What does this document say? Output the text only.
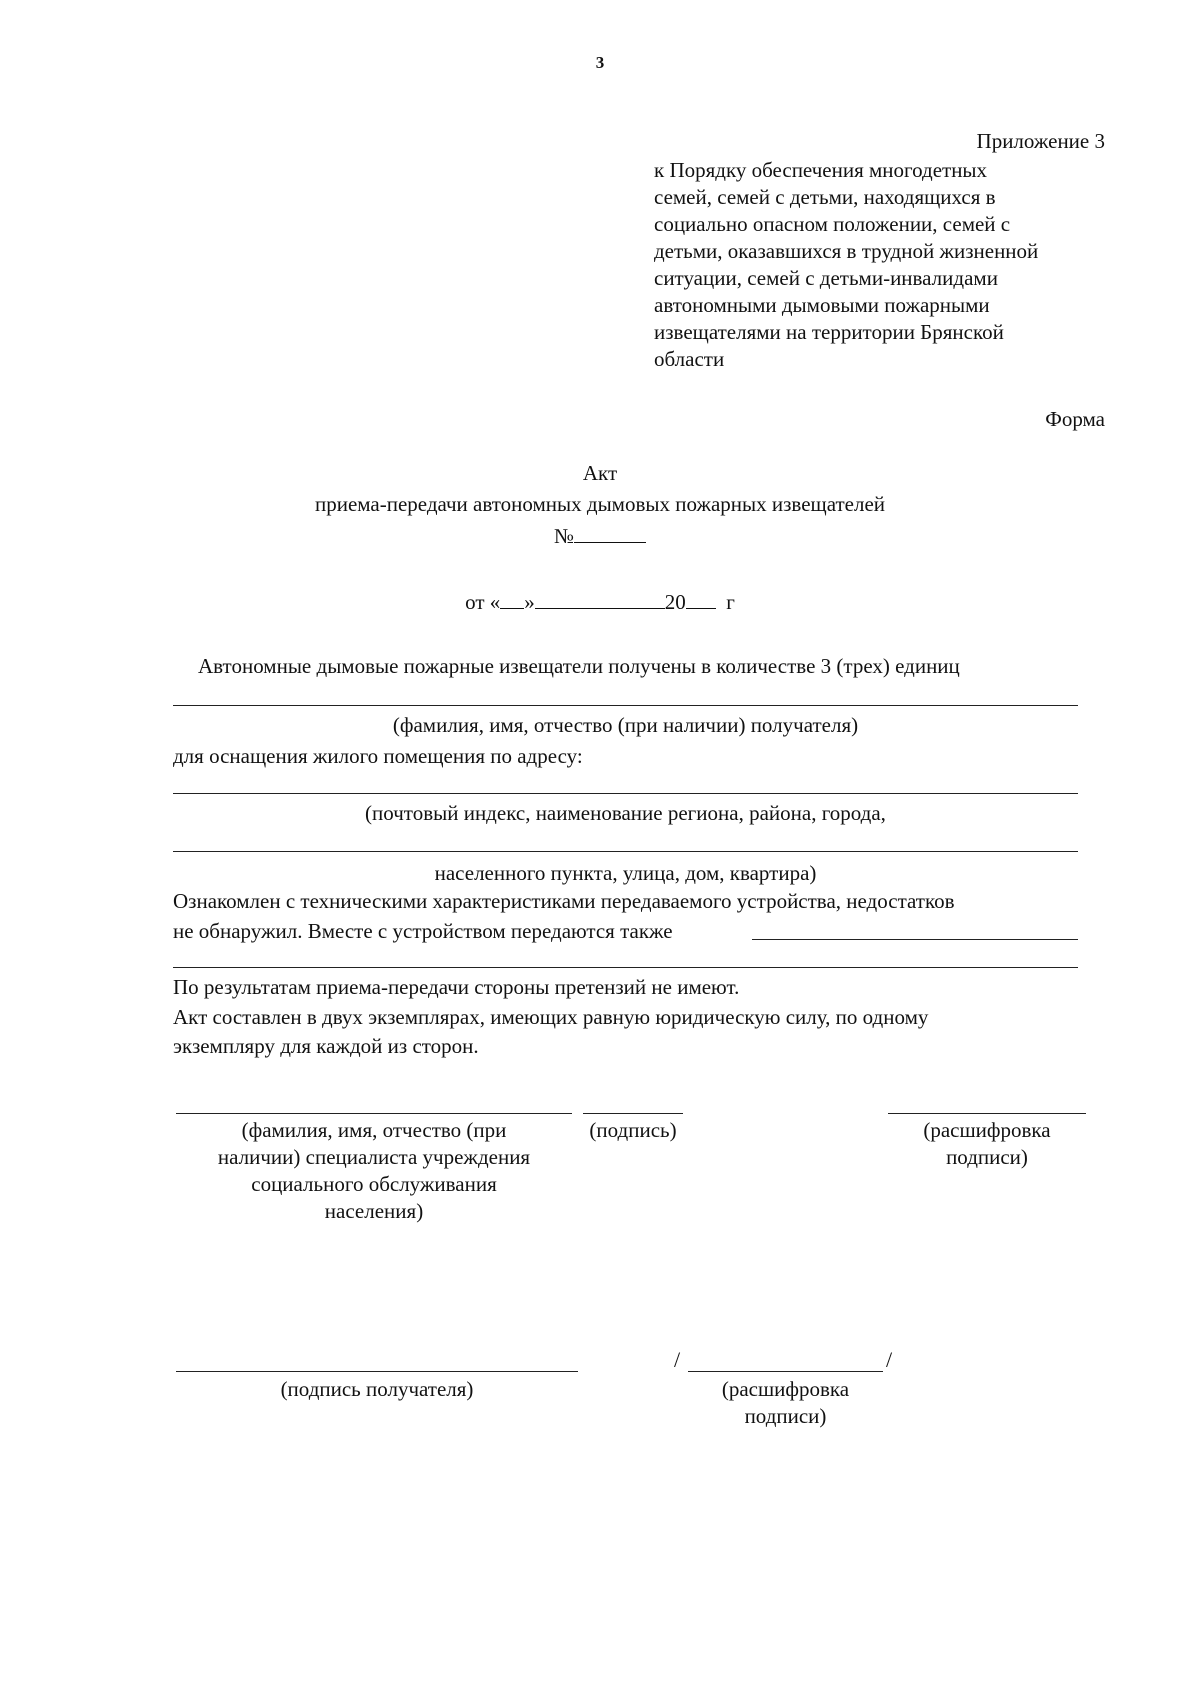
3
Приложение 3
к Порядку обеспечения многодетных
семей, семей с детьми, находящихся в
социально опасном положении, семей с
детьми, оказавшихся в трудной жизненной
ситуации, семей с детьми-инвалидами
автономными дымовыми пожарными
извещателями на территории Брянской
области
Форма
Акт
приема-передачи автономных дымовых пожарных извещателей
№
от « »	20 г
Автономные дымовые пожарные извещатели получены в количестве 3 (трех) единиц
(фамилия, имя, отчество (при наличии) получателя)
для оснащения жилого помещения по адресу:
(почтовый индекс, наименование региона, района, города,
населенного пункта, улица, дом, квартира)
Ознакомлен с техническими характеристиками передаваемого устройства, недостатков
не обнаружил. Вместе с устройством передаются также
По результатам приема-передачи стороны претензий не имеют.
Акт составлен в двух экземплярах, имеющих равную юридическую силу, по одному
экземпляру для каждой из сторон.
(фамилия, имя, отчество (при
наличии) специалиста учреждения
социального обслуживания
населения)
(подпись)	(расшифровка
подписи)
(подпись получателя)
/	/
(расшифровка
подписи)
